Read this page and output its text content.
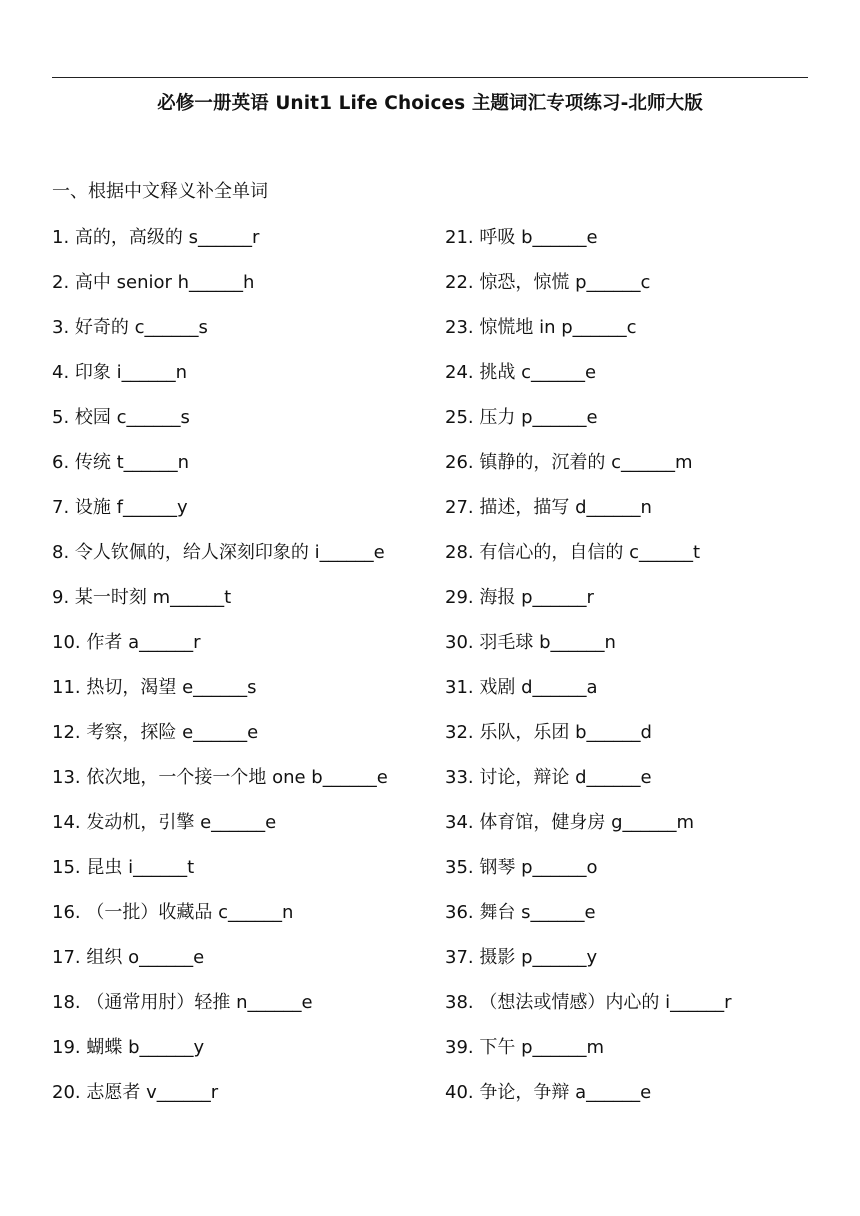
必修一册英语 Unit1 Life Choices 主题词汇专项练习-北师大版
一、根据中文释义补全单词
1. 高的，高级的 s______r
2. 高中 senior h______h
3. 好奇的 c______s
4. 印象 i______n
5. 校园 c______s
6. 传统 t______n
7. 设施 f______y
8. 令人钦佩的，给人深刻印象的 i______e
9. 某一时刻 m______t
10. 作者 a______r
11. 热切，渴望 e______s
12. 考察，探险 e______e
13. 依次地，一个接一个地 one b______e
14. 发动机，引擎 e______e
15. 昆虫 i______t
16. （一批）收藏品 c______n
17. 组织 o______e
18. （通常用肘）轻推 n______e
19. 蝴蝶 b______y
20. 志愿者 v______r
21. 呼吸 b______e
22. 惊恐，惊慌 p______c
23. 惊慌地 in p______c
24. 挑战 c______e
25. 压力 p______e
26. 镇静的，沉着的 c______m
27. 描述，描写 d______n
28. 有信心的，自信的 c______t
29. 海报 p______r
30. 羽毛球 b______n
31. 戏剧 d______a
32. 乐队，乐团 b______d
33. 讨论，辩论 d______e
34. 体育馆，健身房 g______m
35. 钢琴 p______o
36. 舞台 s______e
37. 摄影 p______y
38. （想法或情感）内心的 i______r
39. 下午 p______m
40. 争论，争辩 a______e
